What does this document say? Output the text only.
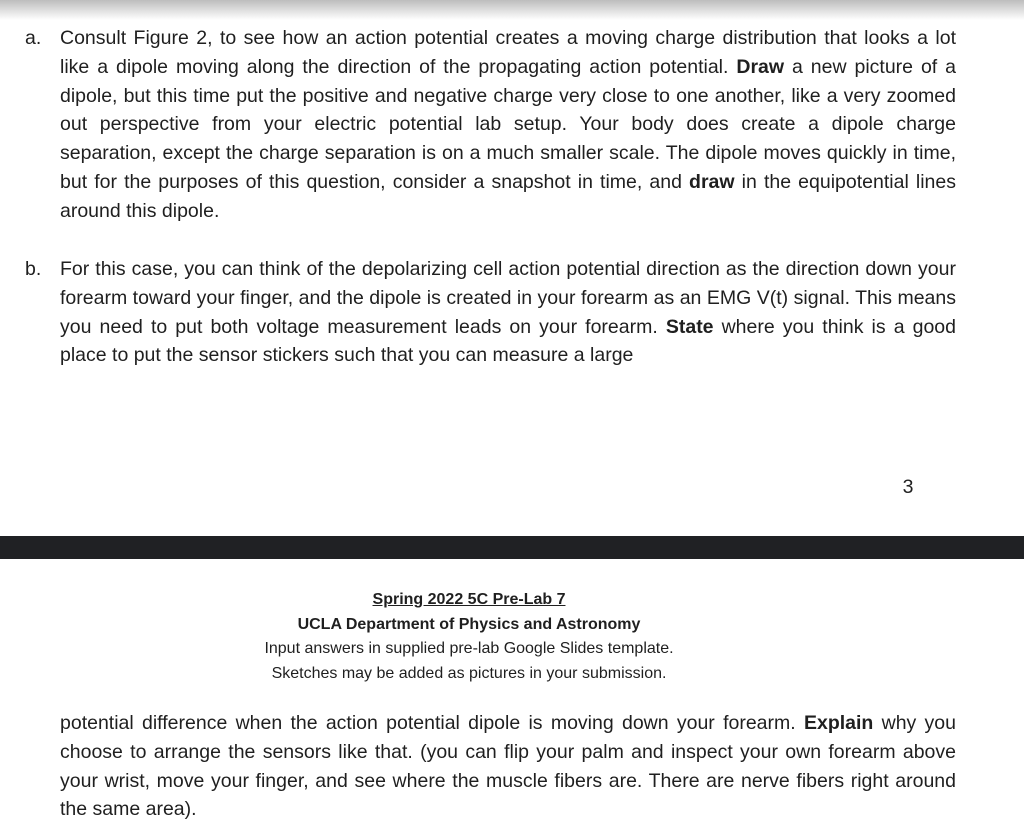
a. Consult Figure 2, to see how an action potential creates a moving charge distribution that looks a lot like a dipole moving along the direction of the propagating action potential. Draw a new picture of a dipole, but this time put the positive and negative charge very close to one another, like a very zoomed out perspective from your electric potential lab setup. Your body does create a dipole charge separation, except the charge separation is on a much smaller scale. The dipole moves quickly in time, but for the purposes of this question, consider a snapshot in time, and draw in the equipotential lines around this dipole.

b. For this case, you can think of the depolarizing cell action potential direction as the direction down your forearm toward your finger, and the dipole is created in your forearm as an EMG V(t) signal. This means you need to put both voltage measurement leads on your forearm. State where you think is a good place to put the sensor stickers such that you can measure a large

3
Spring 2022 5C Pre-Lab 7
UCLA Department of Physics and Astronomy
Input answers in supplied pre-lab Google Slides template.
Sketches may be added as pictures in your submission.

potential difference when the action potential dipole is moving down your forearm. Explain why you choose to arrange the sensors like that. (you can flip your palm and inspect your own forearm above your wrist, move your finger, and see where the muscle fibers are. There are nerve fibers right around the same area).
